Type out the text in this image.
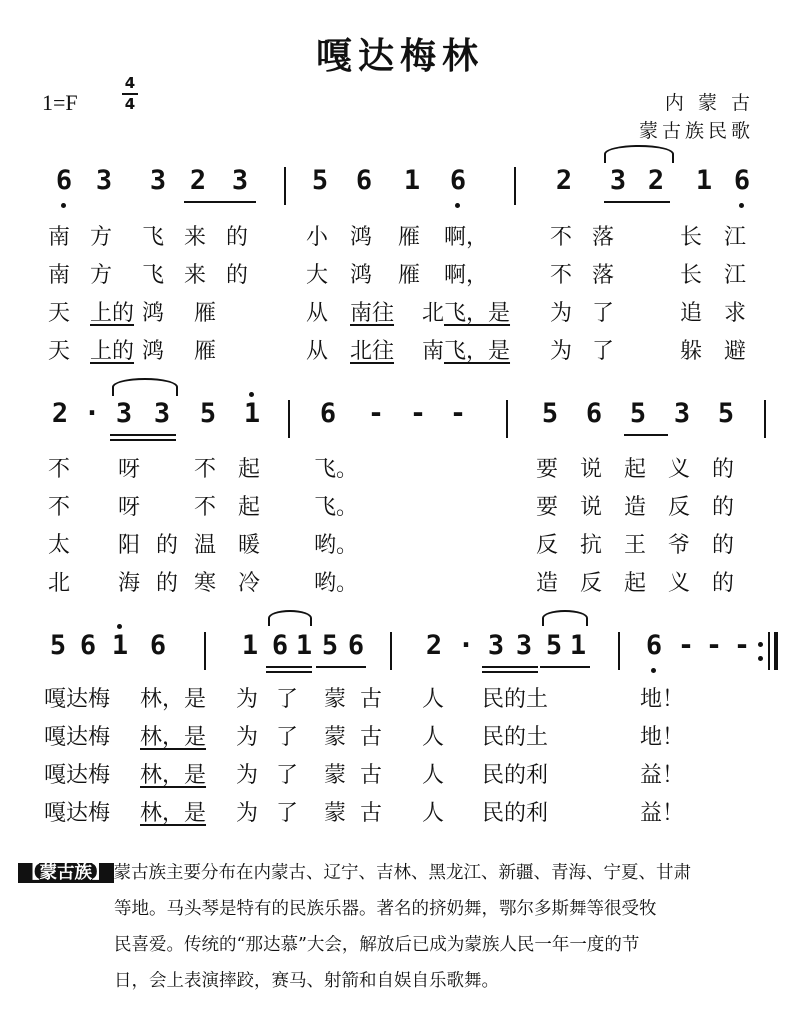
嘎达梅林
1=F
4
4	内 蒙 古
蒙古族民歌
6 3 3 2 3 5 6 1 6	2 3 2 1 6
南 方 飞 来 的	小 鸿 雁 啊，	不 落	长 江
南 方 飞 来 的	大 鸿 雁 啊，	不 落	长 江
天 上的 鸿 雁	从 南往 北 飞，是 为 了	追 求
天 上的 鸿 雁	从 北往 南 飞，是 为 了	躲 避
2 · 3 3 5 1 6 - - -	5 6 5 3 5
不 呀 不 起 飞。	要 说 起 义 的
不 呀 不 起 飞。	要 说 造 反 的
太 阳 的 温 暖 哟。	反 抗 王 爷 的
北 海 的 寒 冷 哟。	造 反 起 义 的
5 6 1 6	1 6 1 5 6 2 · 3 3 5 1 6 - - -
嘎达梅 林，是 为 了 蒙 古 人 民的土	地！
嘎达梅 林，是 为 了 蒙 古 人 民的土	地！
嘎达梅 林，是 为 了 蒙 古 人 民的利	益！
嘎达梅 林，是 为 了 蒙 古 人 民的利	益！
【蒙古族】 蒙古族主要分布在内蒙古、辽宁、吉林、黑龙江、新疆、青海、宁夏、甘肃
等地。马头琴是特有的民族乐器。著名的挤奶舞，鄂尔多斯舞等很受牧
民喜爱。传统的“那达慕”大会，解放后已成为蒙族人民一年一度的节
日，会上表演摔跤，赛马、射箭和自娱自乐歌舞。
